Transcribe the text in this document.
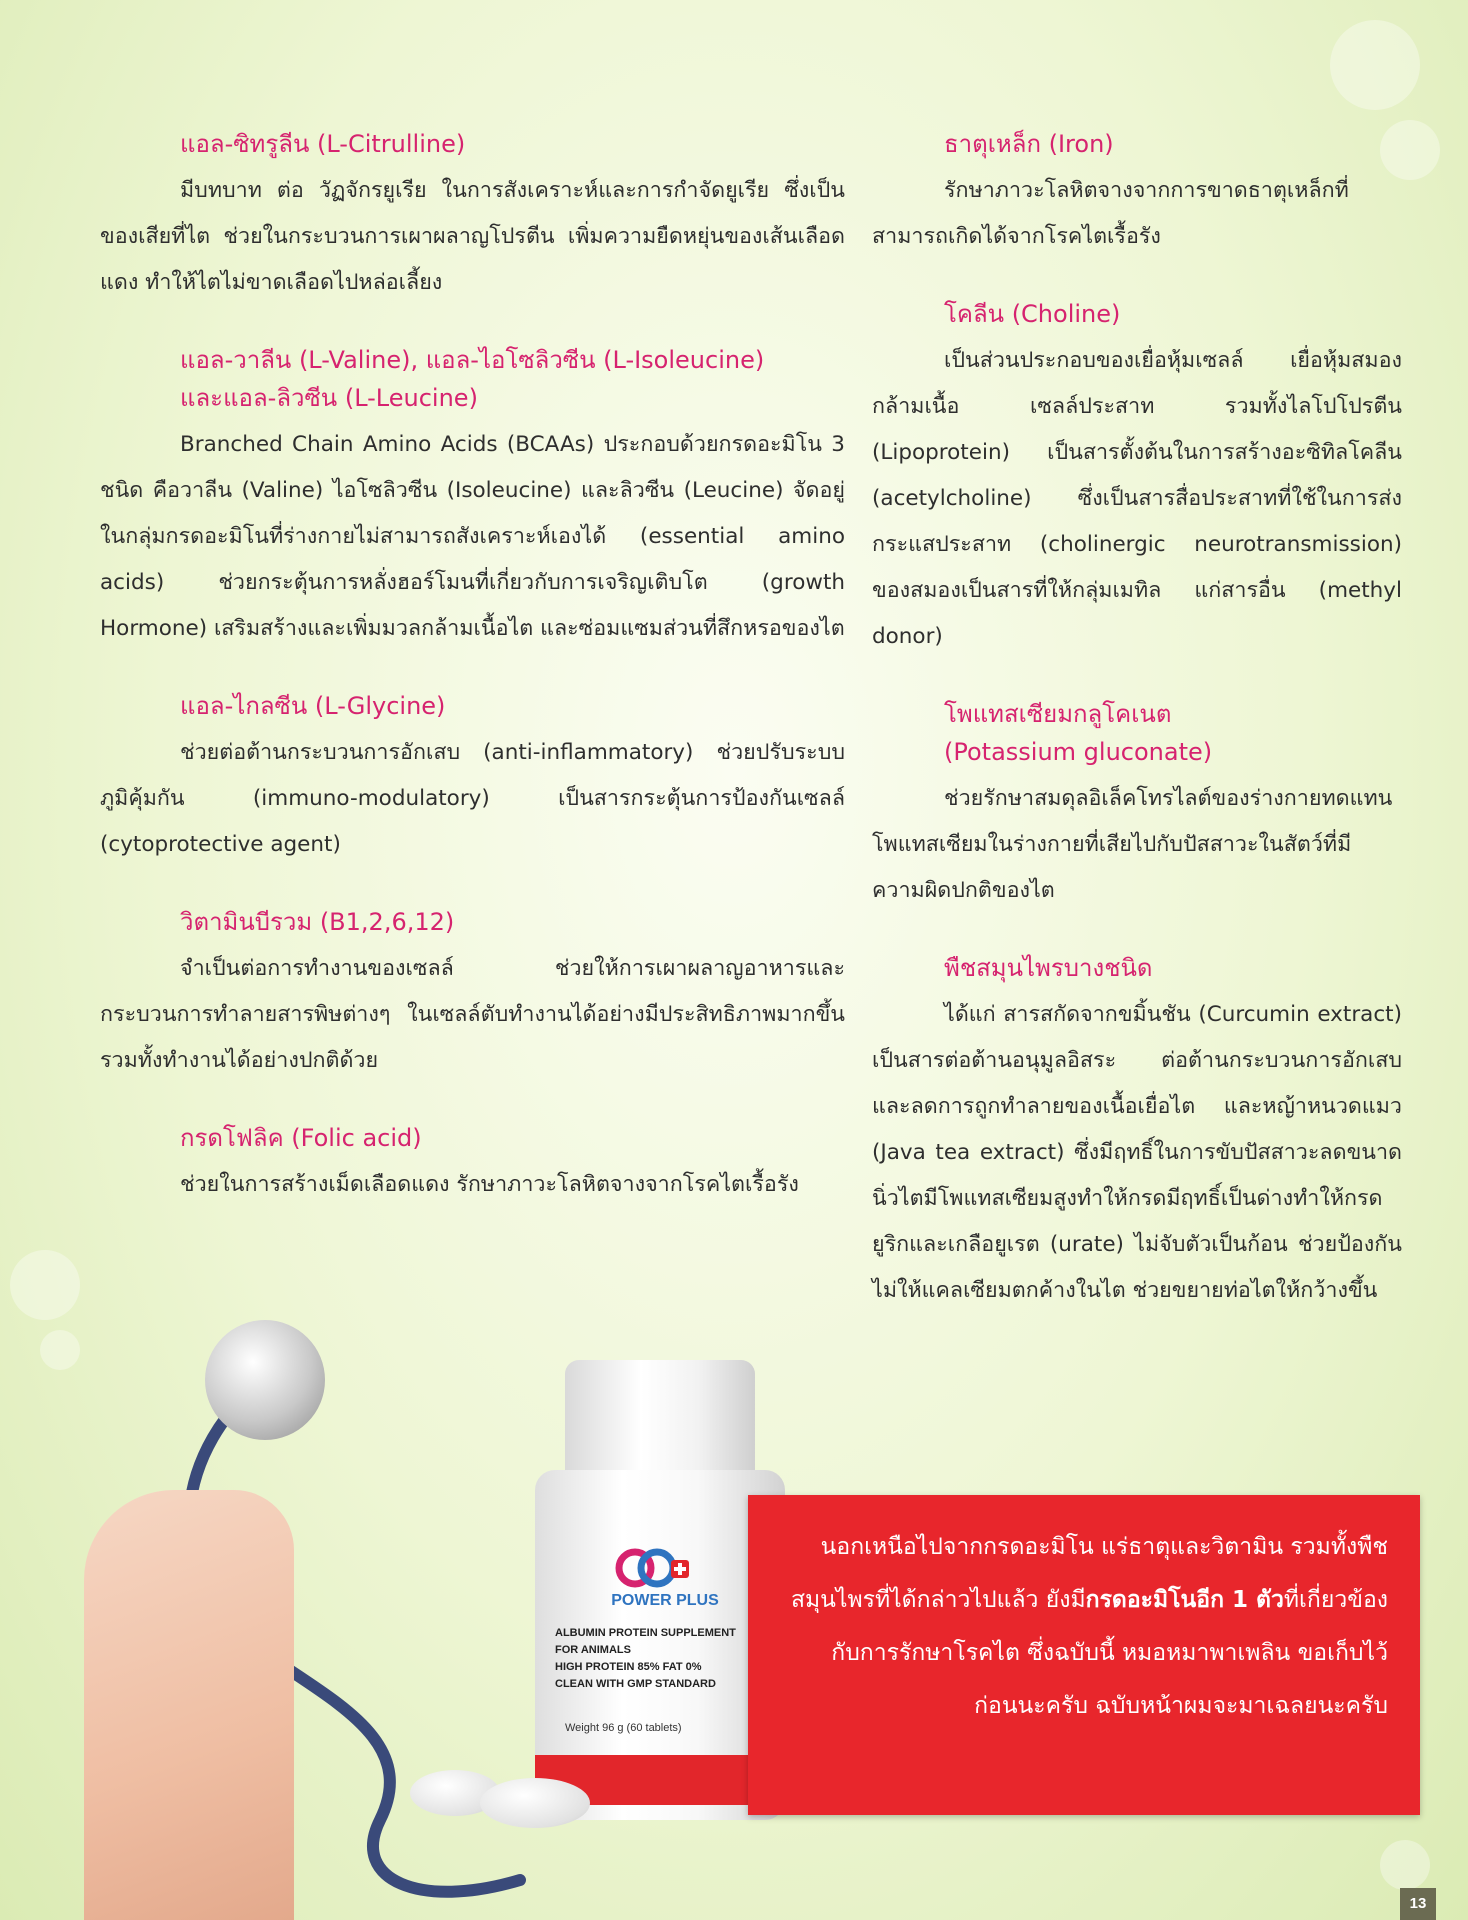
แอล-ซิทรูลีน (L-Citrulline)

มีบทบาท ต่อ วัฏจักรยูเรีย ในการสังเคราะห์และการกำจัดยูเรีย ซึ่งเป็นของเสียที่ไต ช่วยในกระบวนการเผาผลาญโปรตีน เพิ่มความยืดหยุ่นของเส้นเลือดแดง ทำให้ไตไม่ขาดเลือดไปหล่อเลี้ยง

แอล-วาลีน (L-Valine), แอล-ไอโซลิวซีน (L-Isoleucine)
และแอล-ลิวซีน (L-Leucine)

Branched Chain Amino Acids (BCAAs) ประกอบด้วยกรดอะมิโน 3 ชนิด คือวาลีน (Valine) ไอโซลิวซีน (Isoleucine) และลิวซีน (Leucine) จัดอยู่ในกลุ่มกรดอะมิโนที่ร่างกายไม่สามารถสังเคราะห์เองได้ (essential amino acids) ช่วยกระตุ้นการหลั่งฮอร์โมนที่เกี่ยวกับการเจริญเติบโต (growth Hormone) เสริมสร้างและเพิ่มมวลกล้ามเนื้อไต และซ่อมแซมส่วนที่สึกหรอของไต

แอล-ไกลซีน (L-Glycine)

ช่วยต่อต้านกระบวนการอักเสบ (anti-inflammatory) ช่วยปรับระบบภูมิคุ้มกัน (immuno-modulatory) เป็นสารกระตุ้นการป้องกันเซลล์ (cytoprotective agent)

วิตามินบีรวม (B1,2,6,12)

จำเป็นต่อการทำงานของเซลล์ ช่วยให้การเผาผลาญอาหารและกระบวนการทำลายสารพิษต่างๆ ในเซลล์ตับทำงานได้อย่างมีประสิทธิภาพมากขึ้น รวมทั้งทำงานได้อย่างปกติด้วย

กรดโฟลิค (Folic acid)

ช่วยในการสร้างเม็ดเลือดแดง รักษาภาวะโลหิตจางจากโรคไตเรื้อรัง

ธาตุเหล็ก (Iron)

รักษาภาวะโลหิตจางจากการขาดธาตุเหล็กที่สามารถเกิดได้จากโรคไตเรื้อรัง

โคลีน (Choline)

เป็นส่วนประกอบของเยื่อหุ้มเซลล์ เยื่อหุ้มสมอง กล้ามเนื้อ เซลล์ประสาท รวมทั้งไลโปโปรตีน (Lipoprotein) เป็นสารตั้งต้นในการสร้างอะซิทิลโคลีน (acetylcholine) ซึ่งเป็นสารสื่อประสาทที่ใช้ในการส่งกระแสประสาท (cholinergic neurotransmission) ของสมองเป็นสารที่ให้กลุ่มเมทิล แก่สารอื่น (methyl donor)

โพแทสเซียมกลูโคเนต
(Potassium gluconate)

ช่วยรักษาสมดุลอิเล็คโทรไลต์ของร่างกายทดแทนโพแทสเซียมในร่างกายที่เสียไปกับปัสสาวะในสัตว์ที่มีความผิดปกติของไต

พืชสมุนไพรบางชนิด

ได้แก่ สารสกัดจากขมิ้นชัน (Curcumin extract) เป็นสารต่อต้านอนุมูลอิสระ ต่อต้านกระบวนการอักเสบและลดการถูกทำลายของเนื้อเยื่อไต และหญ้าหนวดแมว (Java tea extract) ซึ่งมีฤทธิ์ในการขับปัสสาวะลดขนาดนิ่วไตมีโพแทสเซียมสูงทำให้กรดมีฤทธิ์เป็นด่างทำให้กรดยูริกและเกลือยูเรต (urate) ไม่จับตัวเป็นก้อน ช่วยป้องกันไม่ให้แคลเซียมตกค้างในไต ช่วยขยายท่อไตให้กว้างขึ้น

POWER PLUS
ALBUMIN PROTEIN SUPPLEMENT
FOR ANIMALS
HIGH PROTEIN 85% FAT 0%
CLEAN WITH GMP STANDARD
Weight 96 g (60 tablets)
นอกเหนือไปจากกรดอะมิโน แร่ธาตุและวิตามิน รวมทั้งพืชสมุนไพรที่ได้กล่าวไปแล้ว ยังมีกรดอะมิโนอีก 1 ตัวที่เกี่ยวข้องกับการรักษาโรคไต ซึ่งฉบับนี้ หมอหมาพาเพลิน ขอเก็บไว้ก่อนนะครับ ฉบับหน้าผมจะมาเฉลยนะครับ
13
